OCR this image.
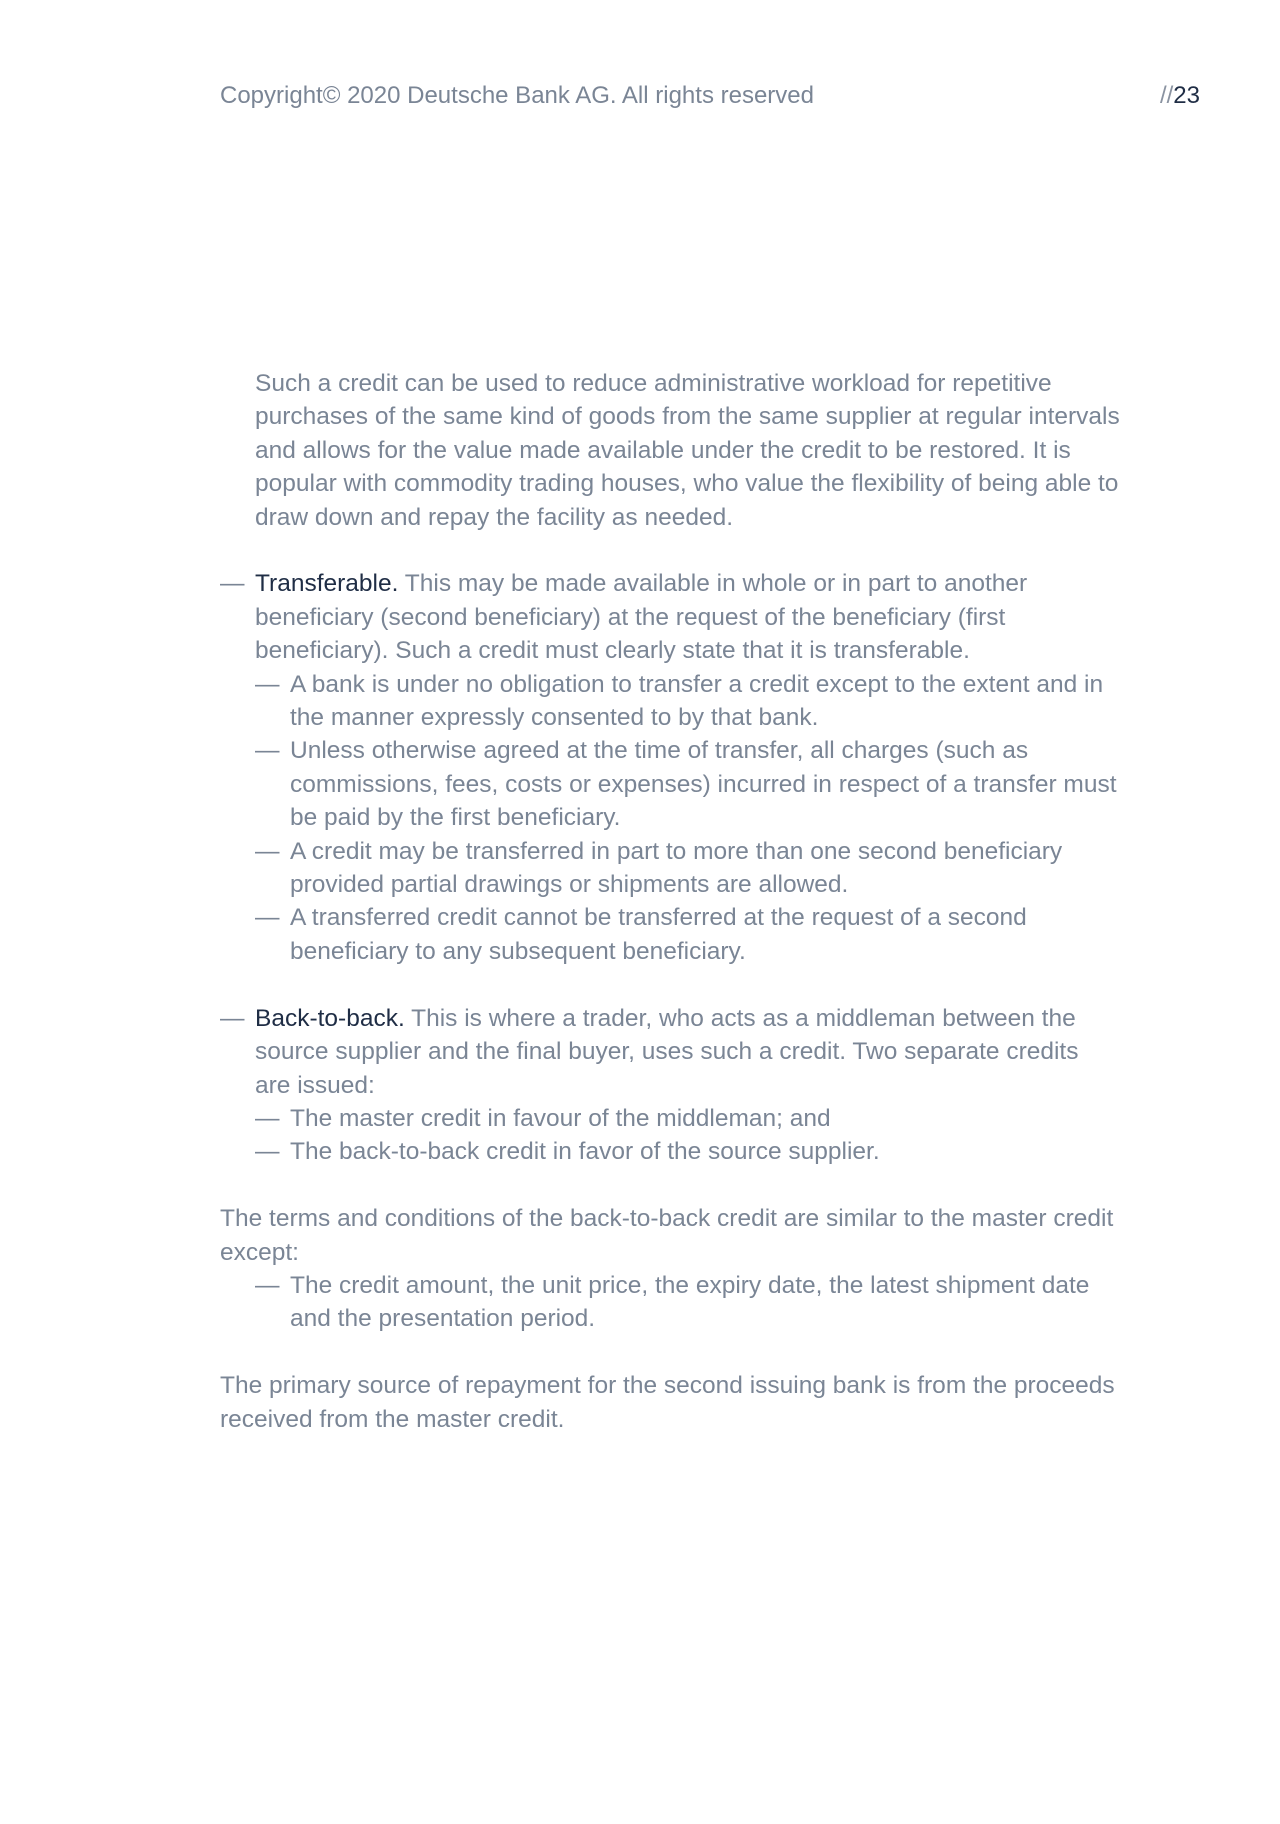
Copyright© 2020 Deutsche Bank AG. All rights reserved	//23

Such a credit can be used to reduce administrative workload for repetitive purchases of the same kind of goods from the same supplier at regular intervals and allows for the value made available under the credit to be restored. It is popular with commodity trading houses, who value the flexibility of being able to draw down and repay the facility as needed.

— Transferable. This may be made available in whole or in part to another beneficiary (second beneficiary) at the request of the beneficiary (first beneficiary). Such a credit must clearly state that it is transferable.
— A bank is under no obligation to transfer a credit except to the extent and in the manner expressly consented to by that bank.
— Unless otherwise agreed at the time of transfer, all charges (such as commissions, fees, costs or expenses) incurred in respect of a transfer must be paid by the first beneficiary.
— A credit may be transferred in part to more than one second beneficiary provided partial drawings or shipments are allowed.
— A transferred credit cannot be transferred at the request of a second beneficiary to any subsequent beneficiary.
— Back-to-back. This is where a trader, who acts as a middleman between the source supplier and the final buyer, uses such a credit. Two separate credits are issued:
— The master credit in favour of the middleman; and
— The back-to-back credit in favor of the source supplier.

The terms and conditions of the back-to-back credit are similar to the master credit except:

— The credit amount, the unit price, the expiry date, the latest shipment date and the presentation period.

The primary source of repayment for the second issuing bank is from the proceeds received from the master credit.
